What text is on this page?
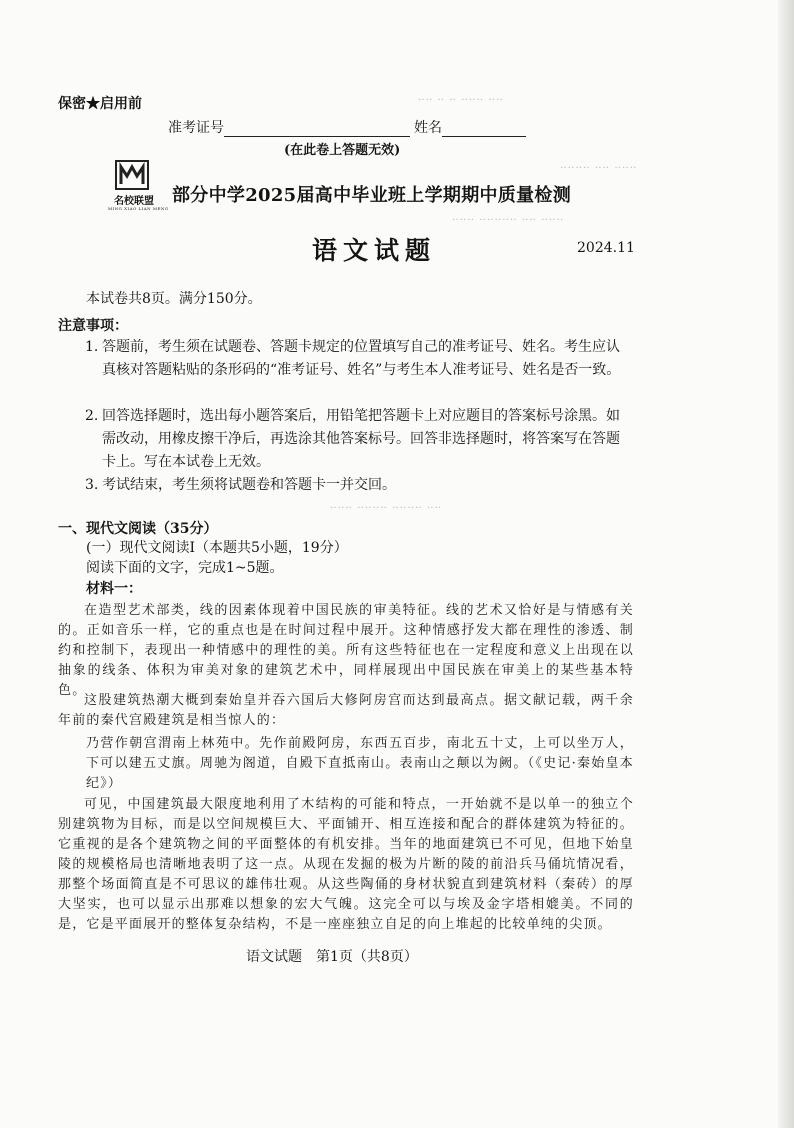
‥‥ ‥ ‥ ‥‥‥ ‥‥
‥‥‥‥ ‥‥ ‥‥‥
‥‥‥ ‥‥‥‥‥ ‥‥ ‥‥‥
‥‥‥ ‥‥‥‥ ‥‥‥‥ ‥‥
保密★启用前
准考证号	姓名
(在此卷上答题无效)
名校联盟
MING XIAO LIAN MENG
部分中学2025届高中毕业班上学期期中质量检测
语文试题	2024.11
本试卷共8页。满分150分。
注意事项：
1. 答题前，考生须在试题卷、答题卡规定的位置填写自己的准考证号、姓名。考生应认真核对答题粘贴的条形码的“准考证号、姓名”与考生本人准考证号、姓名是否一致。
2. 回答选择题时，选出每小题答案后，用铅笔把答题卡上对应题目的答案标号涂黑。如需改动，用橡皮擦干净后，再选涂其他答案标号。回答非选择题时，将答案写在答题卡上。写在本试卷上无效。
3. 考试结束，考生须将试题卷和答题卡一并交回。
一、现代文阅读（35分）
(一）现代文阅读Ⅰ（本题共5小题，19分）
阅读下面的文字，完成1~5题。
材料一：
在造型艺术部类，线的因素体现着中国民族的审美特征。线的艺术又恰好是与情感有关的。正如音乐一样，它的重点也是在时间过程中展开。这种情感抒发大都在理性的渗透、制约和控制下，表现出一种情感中的理性的美。所有这些特征也在一定程度和意义上出现在以抽象的线条、体积为审美对象的建筑艺术中，同样展现出中国民族在审美上的某些基本特色。
这股建筑热潮大概到秦始皇并吞六国后大修阿房宫而达到最高点。据文献记载，两千余年前的秦代宫殿建筑是相当惊人的：
乃营作朝宫渭南上林苑中。先作前殿阿房，东西五百步，南北五十丈，上可以坐万人，下可以建五丈旗。周驰为阁道，自殿下直抵南山。表南山之颠以为阙。（《史记·秦始皇本纪》）
可见，中国建筑最大限度地利用了木结构的可能和特点，一开始就不是以单一的独立个别建筑物为目标，而是以空间规模巨大、平面铺开、相互连接和配合的群体建筑为特征的。它重视的是各个建筑物之间的平面整体的有机安排。当年的地面建筑已不可见，但地下始皇陵的规模格局也清晰地表明了这一点。从现在发掘的极为片断的陵的前沿兵马俑坑情况看，那整个场面简直是不可思议的雄伟壮观。从这些陶俑的身材状貌直到建筑材料（秦砖）的厚大坚实，也可以显示出那难以想象的宏大气魄。这完全可以与埃及金字塔相媲美。不同的是，它是平面展开的整体复杂结构，不是一座座独立自足的向上堆起的比较单纯的尖顶。
语文试题　第1页（共8页）
